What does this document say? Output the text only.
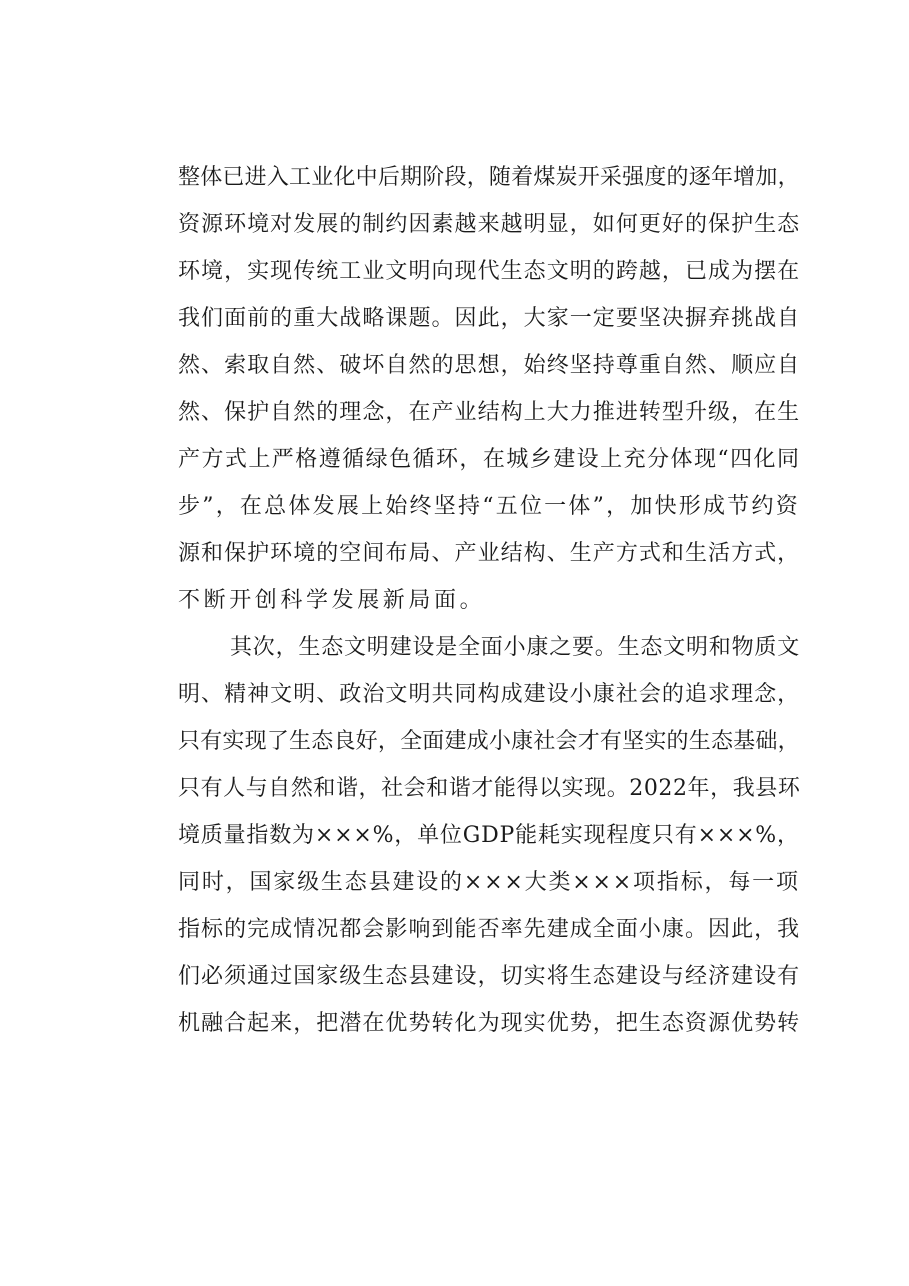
整体已进入工业化中后期阶段，随着煤炭开采强度的逐年增加，
资源环境对发展的制约因素越来越明显，如何更好的保护生态
环境，实现传统工业文明向现代生态文明的跨越，已成为摆在
我们面前的重大战略课题。因此，大家一定要坚决摒弃挑战自
然、索取自然、破坏自然的思想，始终坚持尊重自然、顺应自
然、保护自然的理念，在产业结构上大力推进转型升级，在生
产方式上严格遵循绿色循环，在城乡建设上充分体现“四化同
步”，在总体发展上始终坚持“五位一体”，加快形成节约资
源和保护环境的空间布局、产业结构、生产方式和生活方式，
不断开创科学发展新局面。
其次，生态文明建设是全面小康之要。生态文明和物质文
明、精神文明、政治文明共同构成建设小康社会的追求理念，
只有实现了生态良好，全面建成小康社会才有坚实的生态基础，
只有人与自然和谐，社会和谐才能得以实现。2022年，我县环
境质量指数为×××%，单位GDP能耗实现程度只有×××%，
同时，国家级生态县建设的×××大类×××项指标，每一项
指标的完成情况都会影响到能否率先建成全面小康。因此，我
们必须通过国家级生态县建设，切实将生态建设与经济建设有
机融合起来，把潜在优势转化为现实优势，把生态资源优势转
